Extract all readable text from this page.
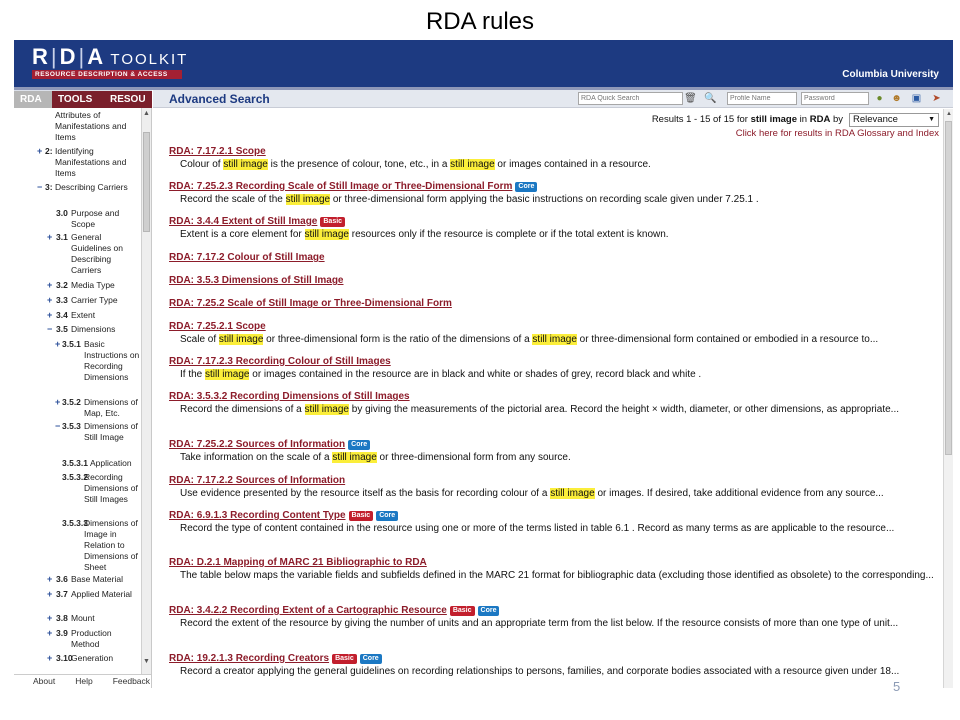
RDA rules
R|D|A TOOLKIT
RESOURCE DESCRIPTION & ACCESS	Columbia University
RDA	TOOLS	RESOU
Attributes of Manifestations and Items
+ 2: Identifying Manifestations and Items
− 3: Describing Carriers
3.0 Purpose and Scope
+ 3.1 General Guidelines on Describing Carriers
+ 3.2 Media Type
+ 3.3 Carrier Type
+ 3.4 Extent
− 3.5 Dimensions
+ 3.5.1 Basic Instructions on Recording Dimensions
+ 3.5.2 Dimensions of Map, Etc.
− 3.5.3 Dimensions of Still Image
3.5.3.1 Application
3.5.3.2
Recording Dimensions of Still Images
3.5.3.3
Dimensions of Image in Relation to Dimensions of Sheet
+ 3.6 Base Material
+ 3.7 Applied Material
+ 3.8 Mount
+ 3.9 Production Method
+ 3.10
Generation
▲
▼
About Help Feedback
Advanced Search
RDA Quick Search	🗑 🔍
Profile Name
Password	● ☻ ▣ ➤
Results 1 - 15 of 15 for still image in RDA by	Relevance	▼
Click here for results in RDA Glossary and Index
RDA: 7.17.2.1 Scope
Colour of still image is the presence of colour, tone, etc., in a still image or images contained in a resource.
RDA: 7.25.2.3 Recording Scale of Still Image or Three-Dimensional Form Core
Record the scale of the still image or three-dimensional form applying the basic instructions on recording scale given under 7.25.1 .
RDA: 3.4.4 Extent of Still Image Basic
Extent is a core element for still image resources only if the resource is complete or if the total extent is known.
RDA: 7.17.2 Colour of Still Image
RDA: 3.5.3 Dimensions of Still Image
RDA: 7.25.2 Scale of Still Image or Three-Dimensional Form
RDA: 7.25.2.1 Scope
Scale of still image or three-dimensional form is the ratio of the dimensions of a still image or three-dimensional form contained or embodied in a resource to...
RDA: 7.17.2.3 Recording Colour of Still Images
If the still image or images contained in the resource are in black and white or shades of grey, record black and white .
RDA: 3.5.3.2 Recording Dimensions of Still Images
Record the dimensions of a still image by giving the measurements of the pictorial area. Record the height × width, diameter, or other dimensions, as appropriate...
RDA: 7.25.2.2 Sources of Information Core
Take information on the scale of a still image or three-dimensional form from any source.
RDA: 7.17.2.2 Sources of Information
Use evidence presented by the resource itself as the basis for recording colour of a still image or images. If desired, take additional evidence from any source...
RDA: 6.9.1.3 Recording Content Type Basic Core
Record the type of content contained in the resource using one or more of the terms listed in table 6.1 . Record as many terms as are applicable to the resource...
RDA: D.2.1 Mapping of MARC 21 Bibliographic to RDA
The table below maps the variable fields and subfields defined in the MARC 21 format for bibliographic data (excluding those identified as obsolete) to the corresponding...
RDA: 3.4.2.2 Recording Extent of a Cartographic Resource Basic Core
Record the extent of the resource by giving the number of units and an appropriate term from the list below. If the resource consists of more than one type of unit...
RDA: 19.2.1.3 Recording Creators Basic Core
Record a creator applying the general guidelines on recording relationships to persons, families, and corporate bodies associated with a resource given under 18...
▲
5
